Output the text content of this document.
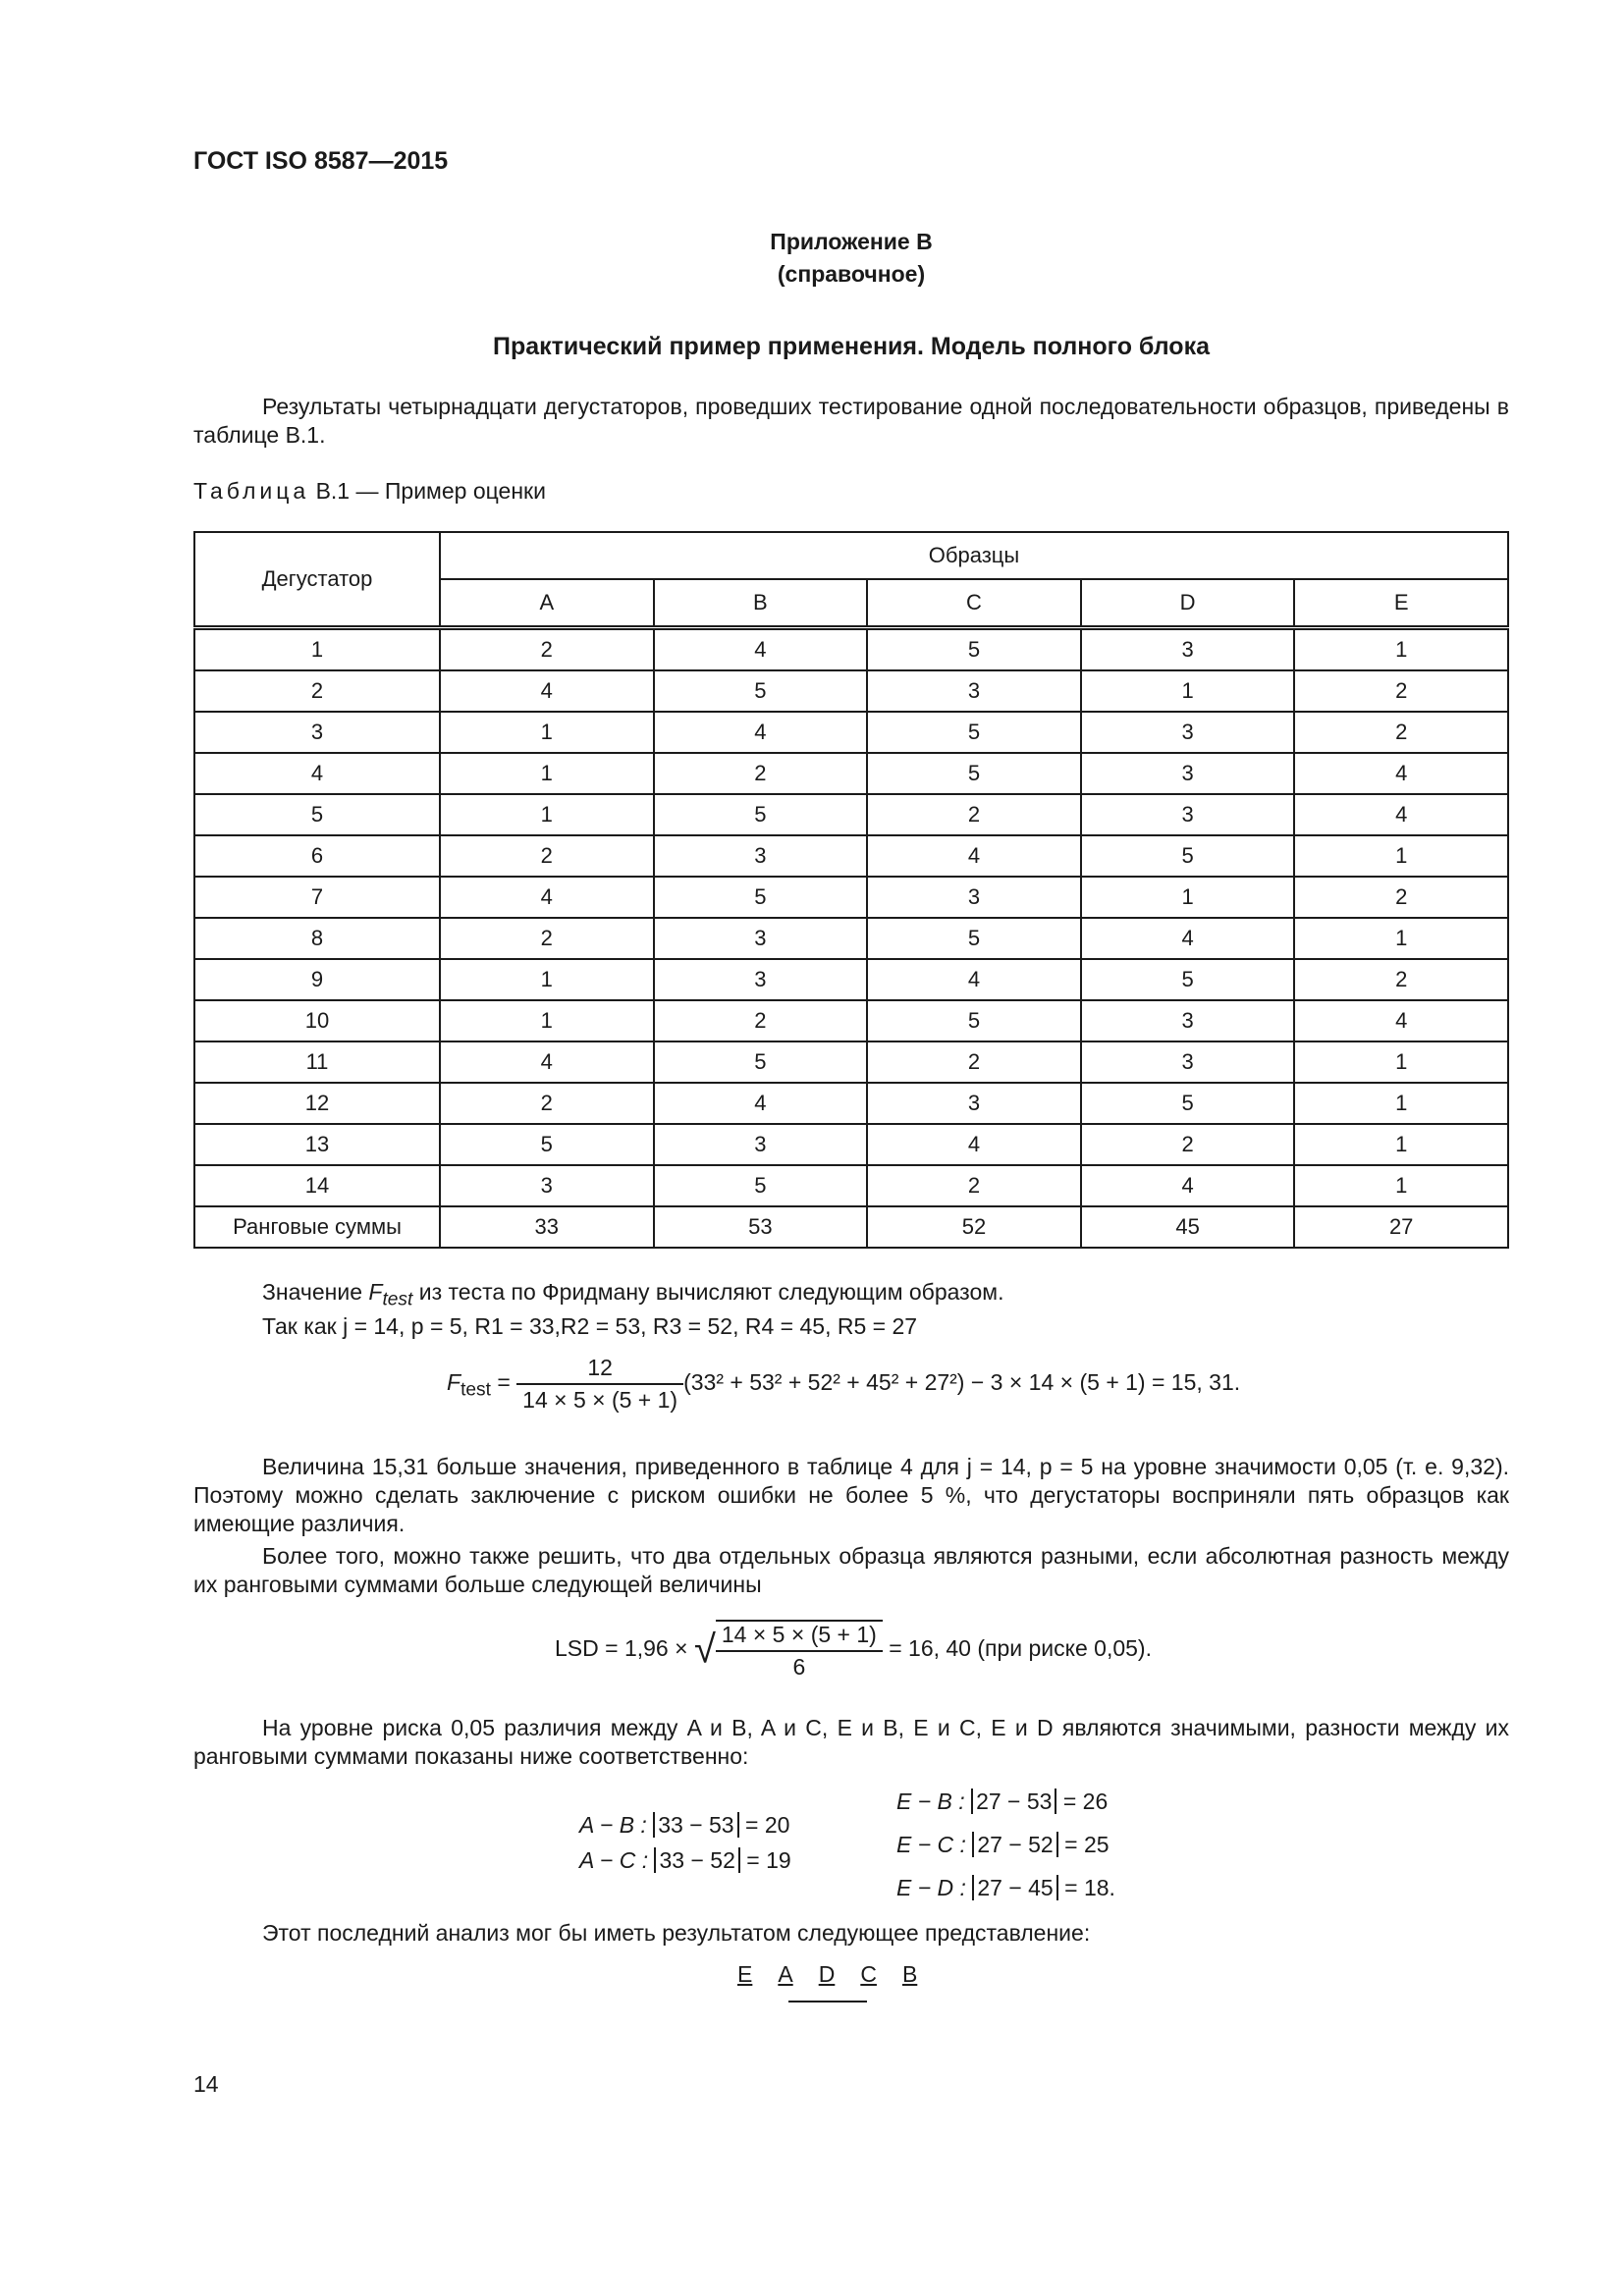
ГОСТ ISO 8587—2015
Приложение В
(справочное)
Практический пример применения. Модель полного блока
Результаты четырнадцати дегустаторов, проведших тестирование одной последовательности образцов, приведены в таблице В.1.
Таблица В.1 — Пример оценки
Дегустатор	Образцы				
	A	B	C	D	E
1	2	4	5	3	1
2	4	5	3	1	2
3	1	4	5	3	2
4	1	2	5	3	4
5	1	5	2	3	4
6	2	3	4	5	1
7	4	5	3	1	2
8	2	3	5	4	1
9	1	3	4	5	2
10	1	2	5	3	4
11	4	5	2	3	1
12	2	4	3	5	1
13	5	3	4	2	1
14	3	5	2	4	1
Ранговые суммы	33	53	52	45	27
Значение $F_{test}$ из теста по Фридману вычисляют следующим образом.
Так как j = 14, p = 5, R1 = 33,R2 = 53, R3 = 52, R4 = 45, R5 = 27
$F_{test} = \frac{12}{14 \times 5 \times (5 + 1)} (33^2 + 53^2 + 52^2 + 45^2 + 27^2) - 3 \times 14 \times (5 + 1) = 15$, 31.
Величина 15,31 больше значения, приведенного в таблице 4 для j = 14, p = 5 на уровне значимости 0,05 (т. е. 9,32). Поэтому можно сделать заключение с риском ошибки не более 5 %, что дегустаторы восприняли пять образцов как имеющие различия.
Более того, можно также решить, что два отдельных образца являются разными, если абсолютная разность между их ранговыми суммами больше следующей величины
LSD = 1,96 × √ $\frac{14 \times 5 \times (5 + 1)}{6} = 16$, 40 (при риске 0,05).
На уровне риска 0,05 различия между A и B, A и C, E и B, E и C, E и D являются значимыми, разности между их ранговыми суммами показаны ниже соответственно:
A − B : 33 − 53 = 20
A − C : 33 − 52 = 19
E − B : 27 − 53 = 26
E − C : 27 − 52 = 25
E − D : 27 − 45 = 18.
Этот последний анализ мог бы иметь результатом следующее представление:
E A D C B
14
